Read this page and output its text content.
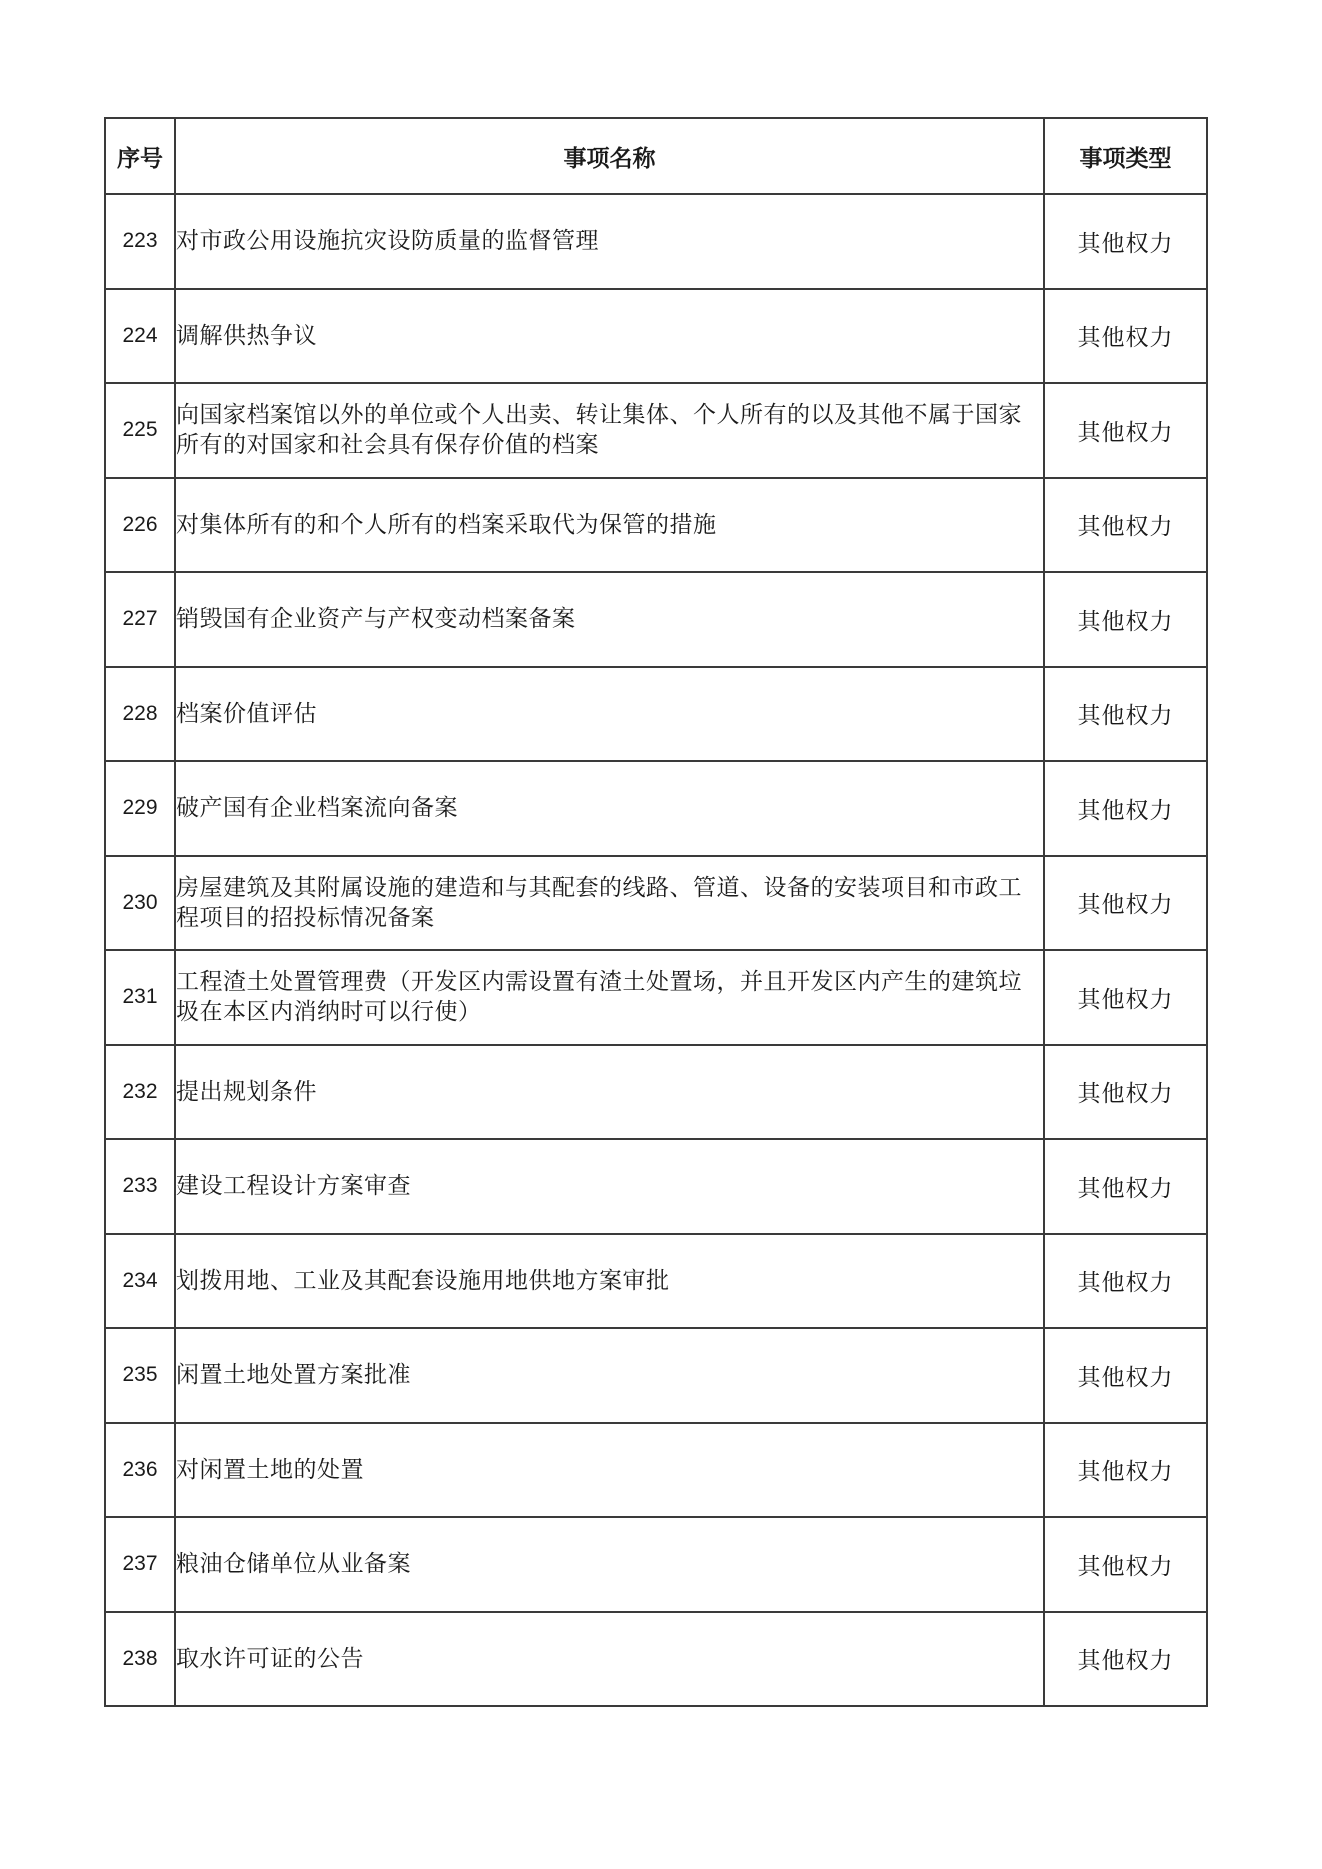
序号	事项名称	事项类型
223	对市政公用设施抗灾设防质量的监督管理	其他权力
224	调解供热争议	其他权力
225	向国家档案馆以外的单位或个人出卖、转让集体、个人所有的以及其他不属于国家所有的对国家和社会具有保存价值的档案	其他权力
226	对集体所有的和个人所有的档案采取代为保管的措施	其他权力
227	销毁国有企业资产与产权变动档案备案	其他权力
228	档案价值评估	其他权力
229	破产国有企业档案流向备案	其他权力
230	房屋建筑及其附属设施的建造和与其配套的线路、管道、设备的安装项目和市政工程项目的招投标情况备案	其他权力
231	工程渣土处置管理费（开发区内需设置有渣土处置场，并且开发区内产生的建筑垃圾在本区内消纳时可以行使）	其他权力
232	提出规划条件	其他权力
233	建设工程设计方案审查	其他权力
234	划拨用地、工业及其配套设施用地供地方案审批	其他权力
235	闲置土地处置方案批准	其他权力
236	对闲置土地的处置	其他权力
237	粮油仓储单位从业备案	其他权力
238	取水许可证的公告	其他权力
